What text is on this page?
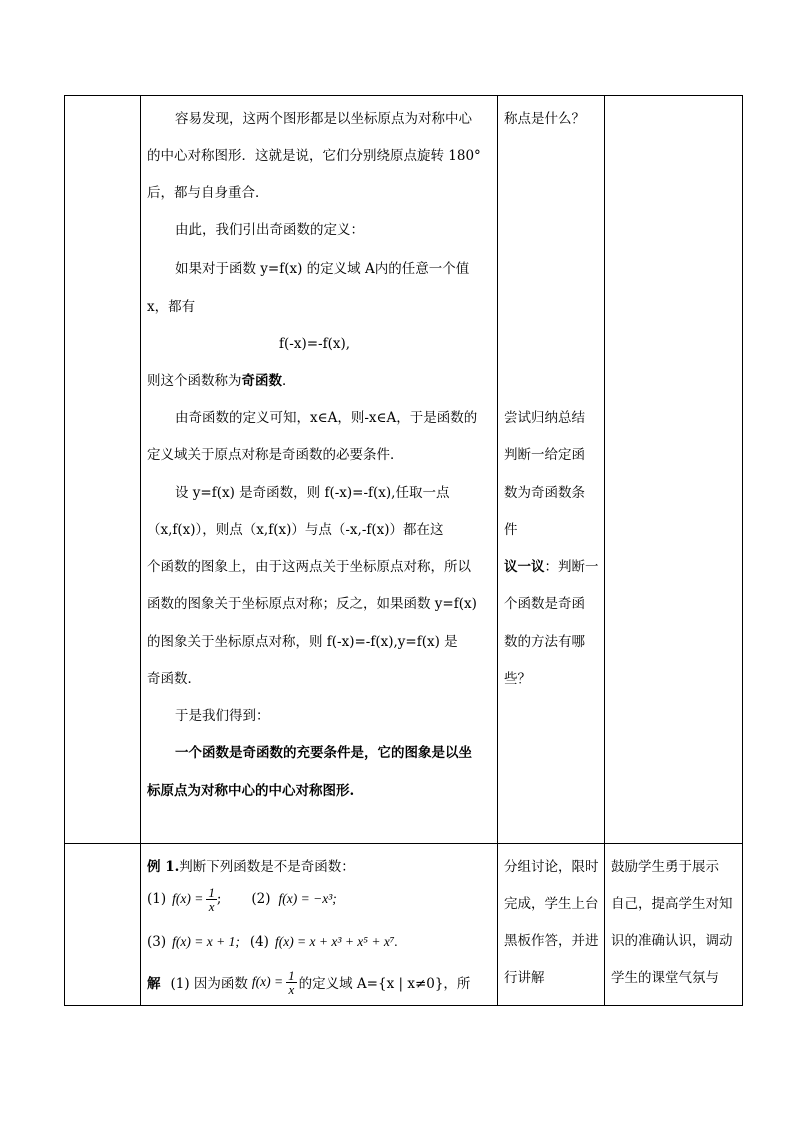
容易发现，这两个图形都是以坐标原点为对称中心
的中心对称图形．这就是说，它们分别绕原点旋转 180°
后，都与自身重合．
由此，我们引出奇函数的定义：
如果对于函数 y=f(x) 的定义域 A内的任意一个值
x，都有
f(-x)=-f(x),
则这个函数称为奇函数．
由奇函数的定义可知，x∈A，则-x∈A，于是函数的
定义域关于原点对称是奇函数的必要条件．
设 y=f(x) 是奇函数，则 f(-x)=-f(x),任取一点
（x,f(x)），则点（x,f(x)）与点（-x,-f(x)）都在这
个函数的图象上，由于这两点关于坐标原点对称，所以
函数的图象关于坐标原点对称；反之，如果函数 y=f(x)
的图象关于坐标原点对称，则 f(-x)=-f(x),y=f(x) 是
奇函数．
于是我们得到：
一个函数是奇函数的充要条件是，它的图象是以坐
标原点为对称中心的中心对称图形.
称点是什么？
尝试归纳总结
判断一给定函
数为奇函数条
件
议一议：判断一
个函数是奇函
数的方法有哪
些？
例 1.判断下列函数是不是奇函数：
(1) $f(x) = \frac{1}{x}$ ; (2) f(x) = −x³;
(3) f(x) = x + 1; (4) f(x) = x + x³ + x⁵ + x⁷.
解 (1) 因为函数 $f(x) = \frac{1}{x}$ 的定义域 A={x | x≠0}，所
分组讨论，限时
完成，学生上台
黑板作答，并进
行讲解
鼓励学生勇于展示
自己，提高学生对知
识的准确认识，调动
学生的课堂气氛与
